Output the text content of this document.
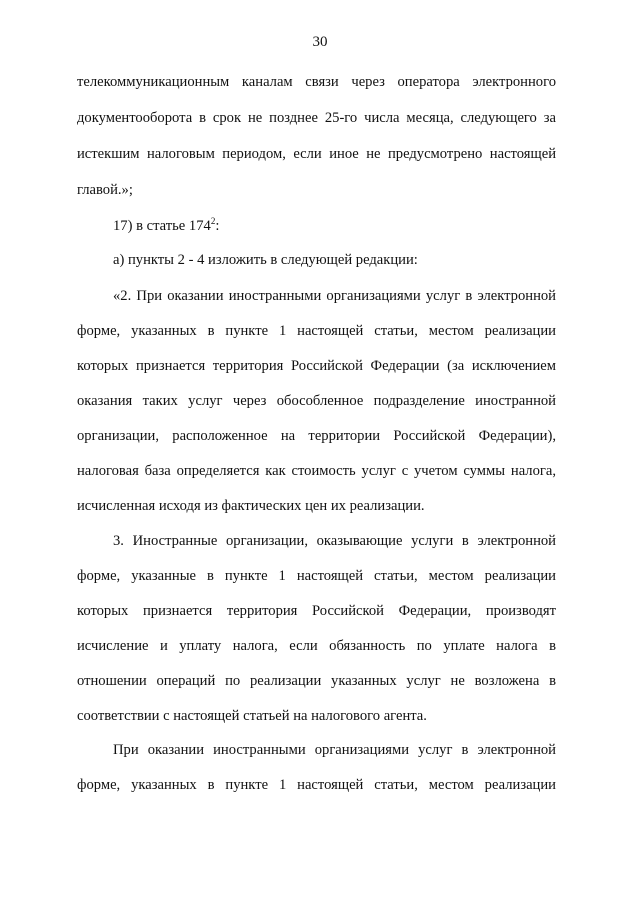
30
телекоммуникационным каналам связи через оператора электронного
документооборота в срок не позднее 25-го числа месяца, следующего за
истекшим налоговым периодом, если иное не предусмотрено настоящей
главой.»;
17) в статье $174^2$:
а) пункты 2 - 4 изложить в следующей редакции:
«2. При оказании иностранными организациями услуг в электронной
форме, указанных в пункте 1 настоящей статьи, местом реализации
которых признается территория Российской Федерации (за исключением
оказания таких услуг через обособленное подразделение иностранной
организации, расположенное на территории Российской Федерации),
налоговая база определяется как стоимость услуг с учетом суммы налога,
исчисленная исходя из фактических цен их реализации.
3. Иностранные организации, оказывающие услуги в электронной
форме, указанные в пункте 1 настоящей статьи, местом реализации
которых признается территория Российской Федерации, производят
исчисление и уплату налога, если обязанность по уплате налога в
отношении операций по реализации указанных услуг не возложена в
соответствии с настоящей статьей на налогового агента.
При оказании иностранными организациями услуг в электронной
форме, указанных в пункте 1 настоящей статьи, местом реализации
